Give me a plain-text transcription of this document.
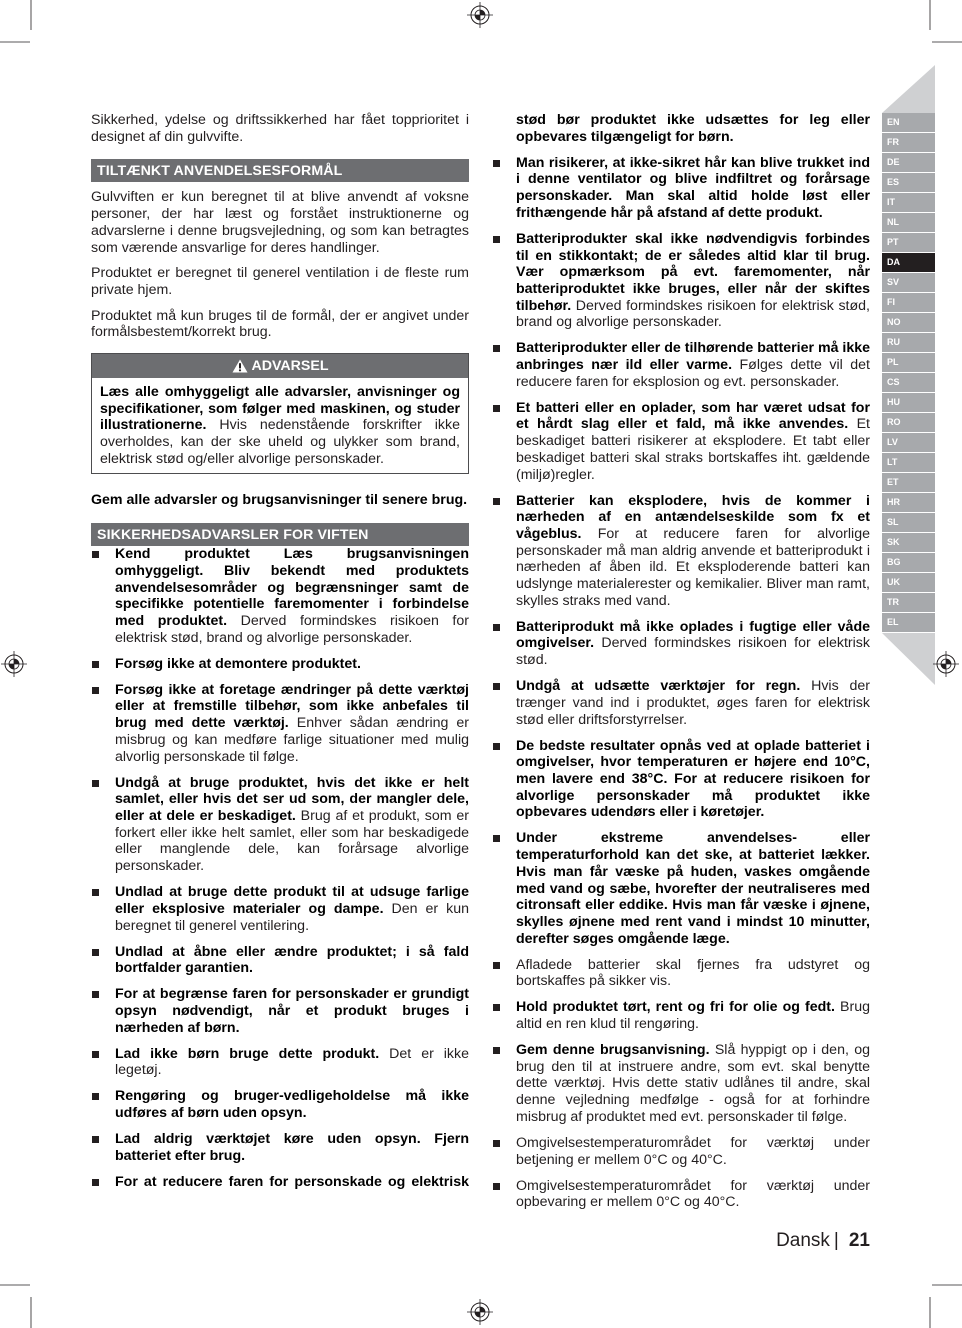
EN
FR
DE
ES
IT
NL
PT
DA
SV
FI
NO
RU
PL
CS
HU
RO
LV
LT
ET
HR
SL
SK
BG
UK
TR
EL

Sikkerhed, ydelse og driftssikkerhed har fået topprioritet i designet af din gulvvifte.

TILTÆNKT ANVENDELSESFORMÅL

Gulvviften er kun beregnet til at blive anvendt af voksne personer, der har læst og forstået instruktionerne og advarslerne i denne brugsvejledning, og som kan betragtes som værende ansvarlige for deres handlinger.

Produktet er beregnet til generel ventilation i de fleste rum private hjem.

Produktet må kun bruges til de formål, der er angivet under formålsbestemt/korrekt brug.

ADVARSEL
Læs alle omhyggeligt alle advarsler, anvisninger og specifikationer, som følger med maskinen, og studer illustrationerne. Hvis nedenstående forskrifter ikke overholdes, kan der ske uheld og ulykker som brand, elektrisk stød og/eller alvorlige personskader.

Gem alle advarsler og brugsanvisninger til senere brug.

SIKKERHEDSADVARSLER FOR VIFTEN
Kend produktet Læs brugsanvisningen omhyggeligt. Bliv bekendt med produktets anvendelsesområder og begrænsninger samt de specifikke potentielle faremomenter i forbindelse med produktet. Derved formindskes risikoen for elektrisk stød, brand og alvorlige personskader.
Forsøg ikke at demontere produktet.
Forsøg ikke at foretage ændringer på dette værktøj eller at fremstille tilbehør, som ikke anbefales til brug med dette værktøj. Enhver sådan ændring er misbrug og kan medføre farlige situationer med mulig alvorlig personskade til følge.
Undgå at bruge produktet, hvis det ikke er helt samlet, eller hvis det ser ud som, der mangler dele, eller at dele er beskadiget. Brug af et produkt, som er forkert eller ikke helt samlet, eller som har beskadigede eller manglende dele, kan forårsage alvorlige personskader.
Undlad at bruge dette produkt til at udsuge farlige eller eksplosive materialer og dampe. Den er kun beregnet til generel ventilering.
Undlad at åbne eller ændre produktet; i så fald bortfalder garantien.
For at begrænse faren for personskader er grundigt opsyn nødvendigt, når et produkt bruges i nærheden af børn.
Lad ikke børn bruge dette produkt. Det er ikke legetøj.
Rengøring og bruger-vedligeholdelse må ikke udføres af børn uden opsyn.
Lad aldrig værktøjet køre uden opsyn. Fjern batteriet efter brug.
For at reducere faren for personskade og elektrisk

stød bør produktet ikke udsættes for leg eller opbevares tilgængeligt for børn.

Man risikerer, at ikke-sikret hår kan blive trukket ind i denne ventilator og blive indfiltret og forårsage personskader. Man skal altid holde løst eller frithængende hår på afstand af dette produkt.
Batteriprodukter skal ikke nødvendigvis forbindes til en stikkontakt; de er således altid klar til brug. Vær opmærksom på evt. faremomenter, når batteriproduktet ikke bruges, eller når der skiftes tilbehør. Derved formindskes risikoen for elektrisk stød, brand og alvorlige personskader.
Batteriprodukter eller de tilhørende batterier må ikke anbringes nær ild eller varme. Følges dette vil det reducere faren for eksplosion og evt. personskader.
Et batteri eller en oplader, som har været udsat for et hårdt slag eller et fald, må ikke anvendes. Et beskadiget batteri risikerer at eksplodere. Et tabt eller beskadiget batteri skal straks bortskaffes iht. gældende (miljø)regler.
Batterier kan eksplodere, hvis de kommer i nærheden af en antændelseskilde som fx et vågeblus. For at reducere faren for alvorlige personskader må man aldrig anvende et batteriprodukt i nærheden af åben ild. Et eksploderende batteri kan udslynge materialerester og kemikalier. Bliver man ramt, skylles straks med vand.
Batteriprodukt må ikke oplades i fugtige eller våde omgivelser. Derved formindskes risikoen for elektrisk stød.
Undgå at udsætte værktøjer for regn. Hvis der trænger vand ind i produktet, øges faren for elektrisk stød eller driftsforstyrrelser.
De bedste resultater opnås ved at oplade batteriet i omgivelser, hvor temperaturen er højere end 10°C, men lavere end 38°C. For at reducere risikoen for alvorlige personskader må produktet ikke opbevares udendørs eller i køretøjer.
Under ekstreme anvendelses- eller temperaturforhold kan det ske, at batteriet lækker. Hvis man får væske på huden, vaskes omgående med vand og sæbe, hvorefter der neutraliseres med citronsaft eller eddike. Hvis man får væske i øjnene, skylles øjnene med rent vand i mindst 10 minutter, derefter søges omgående læge.
Afladede batterier skal fjernes fra udstyret og bortskaffes på sikker vis.
Hold produktet tørt, rent og fri for olie og fedt. Brug altid en ren klud til rengøring.
Gem denne brugsanvisning. Slå hyppigt op i den, og brug den til at instruere andre, som evt. skal benytte dette værktøj. Hvis dette stativ udlånes til andre, skal denne vejledning medfølge - også for at forhindre misbrug af produktet med evt. personskader til følge.
Omgivelsestemperaturområdet for værktøj under betjening er mellem 0°C og 40°C.
Omgivelsestemperaturområdet for værktøj under opbevaring er mellem 0°C og 40°C.
Dansk | 21
